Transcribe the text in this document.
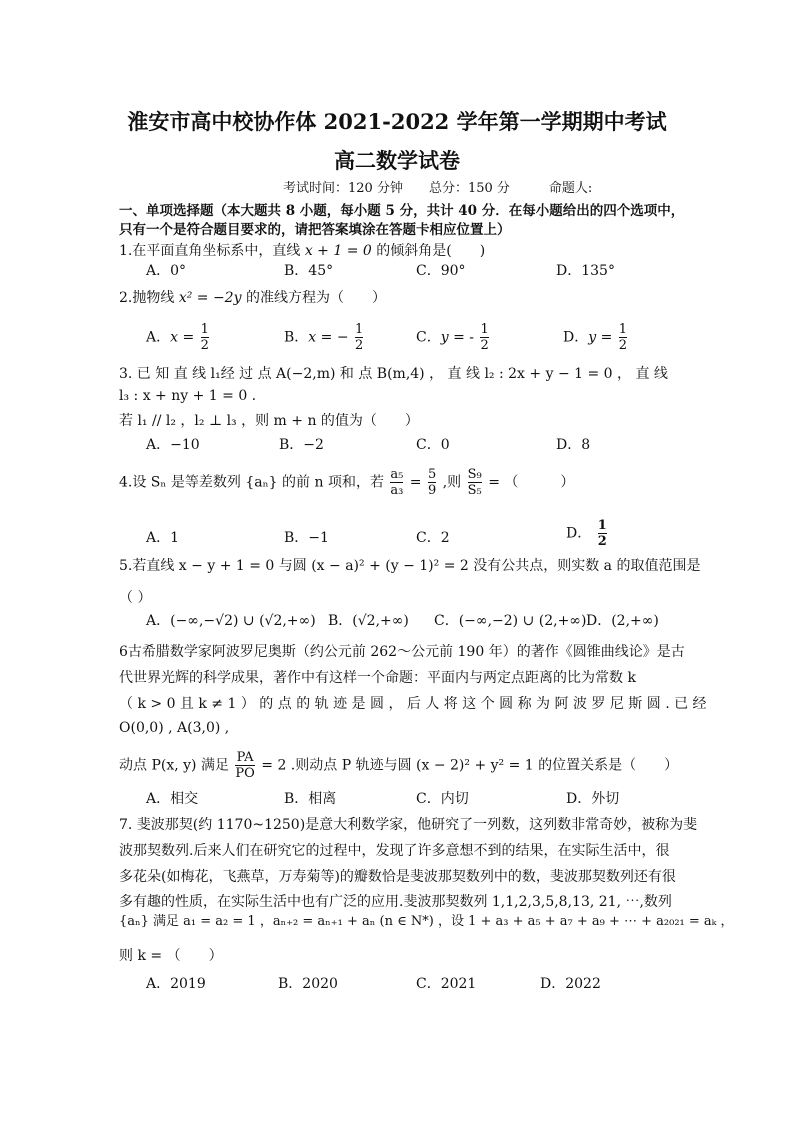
淮安市高中校协作体 2021-2022 学年第一学期期中考试
高二数学试卷
考试时间：120 分钟　　总分：150 分　　　命题人:
一、单项选择题（本大题共 8 小题，每小题 5 分，共计 40 分．在每小题给出的四个选项中，
只有一个是符合题目要求的，请把答案填涂在答题卡相应位置上）
1.在平面直角坐标系中，直线 x + 1 = 0 的倾斜角是(　　)
A．0°	B．45°	C．90°	D．135°
2.抛物线 x² = −2y 的准线方程为（　　）
A．$x = \frac{1}{2}$	B．x = − $\frac{1}{2}$	C．y = - $\frac{1}{2}$	D．$y = \frac{1}{2}$
3. 已 知 直 线 l₁经 过 点 A(−2,m) 和 点 B(m,4) ， 直 线 l₂ : 2x + y − 1 = 0 ， 直 线
l₃ : x + ny + 1 = 0 .
若 l₁ // l₂ ，l₂ ⊥ l₃ ，则 m + n 的值为（　　）
A．−10	B．−2	C．0	D．8
4.设 Sₙ 是等差数列 {aₙ} 的前 n 项和，若 $\frac{\text{a₅}}{\text{a₃}} = \frac{5}{9}$ ,则 $\frac{\text{S₉}}{\text{S₅}}$ = （　　　）
A．1	B．−1	C．2	D． $\frac{1}{2}$
5.若直线 x − y + 1 = 0 与圆 (x − a)² + (y − 1)² = 2 没有公共点，则实数 a 的取值范围是
（ ）
A．(−∞,−√2) ∪ (√2,+∞) B．(√2,+∞) C．(−∞,−2) ∪ (2,+∞) D．(2,+∞)
6古希腊数学家阿波罗尼奥斯（约公元前 262～公元前 190 年）的著作《圆锥曲线论》是古
代世界光辉的科学成果，著作中有这样一个命题：平面内与两定点距离的比为常数 k
（ k > 0 且 k ≠ 1 ） 的 点 的 轨 迹 是 圆 ， 后 人 将 这 个 圆 称 为 阿 波 罗 尼 斯 圆 . 已 经
O(0,0) , A(3,0) ,
动点 P(x, y) 满足 $\frac{PA}{PO} = 2$ .则动点 P 轨迹与圆 (x − 2)² + y² = 1 的位置关系是（　　）
A．相交	B．相离	C．内切	D．外切
7. 斐波那契(约 1170~1250)是意大利数学家，他研究了一列数，这列数非常奇妙，被称为斐
波那契数列.后来人们在研究它的过程中，发现了许多意想不到的结果，在实际生活中，很
多花朵(如梅花，飞燕草，万寿菊等)的瓣数恰是斐波那契数列中的数，斐波那契数列还有很
多有趣的性质，在实际生活中也有广泛的应用.斐波那契数列 1,1,2,3,5,8,13, 21, ⋯,数列
{aₙ} 满足 a₁ = a₂ = 1 ，aₙ₊₂ = aₙ₊₁ + aₙ (n ∈ N*) ，设 1 + a₃ + a₅ + a₇ + a₉ + ⋯ + a₂₀₂₁ = aₖ ，
则 k = （　　）
A．2019	B．2020	C．2021	D．2022
